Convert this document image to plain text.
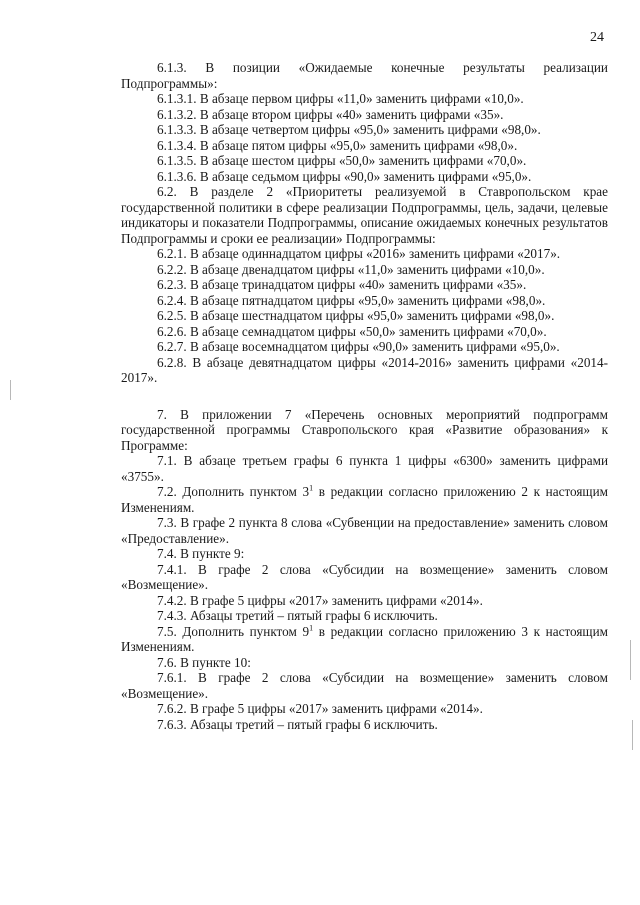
24

6.1.3. В позиции «Ожидаемые конечные результаты реализации Подпрограммы»:

6.1.3.1. В абзаце первом цифры «11,0» заменить цифрами «10,0».

6.1.3.2. В абзаце втором цифры «40» заменить цифрами «35».

6.1.3.3. В абзаце четвертом цифры «95,0» заменить цифрами «98,0».

6.1.3.4. В абзаце пятом цифры «95,0» заменить цифрами «98,0».

6.1.3.5. В абзаце шестом цифры «50,0» заменить цифрами «70,0».

6.1.3.6. В абзаце седьмом цифры «90,0» заменить цифрами «95,0».

6.2. В разделе 2 «Приоритеты реализуемой в Ставропольском крае государственной политики в сфере реализации Подпрограммы, цель, задачи, целевые индикаторы и показатели Подпрограммы, описание ожидаемых конечных результатов Подпрограммы и сроки ее реализации» Подпрограммы:

6.2.1. В абзаце одиннадцатом цифры «2016» заменить цифрами «2017».

6.2.2. В абзаце двенадцатом цифры «11,0» заменить цифрами «10,0».

6.2.3. В абзаце тринадцатом цифры «40» заменить цифрами «35».

6.2.4. В абзаце пятнадцатом цифры «95,0» заменить цифрами «98,0».

6.2.5. В абзаце шестнадцатом цифры «95,0» заменить цифрами «98,0».

6.2.6. В абзаце семнадцатом цифры «50,0» заменить цифрами «70,0».

6.2.7. В абзаце восемнадцатом цифры «90,0» заменить цифрами «95,0».

6.2.8. В абзаце девятнадцатом цифры «2014-2016» заменить цифрами «2014-2017».

7. В приложении 7 «Перечень основных мероприятий подпрограмм государственной программы Ставропольского края «Развитие образования» к Программе:

7.1. В абзаце третьем графы 6 пункта 1 цифры «6300» заменить цифрами «3755».

7.2. Дополнить пунктом $3^1$ в редакции согласно приложению 2 к настоящим Изменениям.

7.3. В графе 2 пункта 8 слова «Субвенции на предоставление» заменить словом «Предоставление».

7.4. В пункте 9:

7.4.1. В графе 2 слова «Субсидии на возмещение» заменить словом «Возмещение».

7.4.2. В графе 5 цифры «2017» заменить цифрами «2014».

7.4.3. Абзацы третий – пятый графы 6 исключить.

7.5. Дополнить пунктом $9^1$ в редакции согласно приложению 3 к настоящим Изменениям.

7.6. В пункте 10:

7.6.1. В графе 2 слова «Субсидии на возмещение» заменить словом «Возмещение».

7.6.2. В графе 5 цифры «2017» заменить цифрами «2014».

7.6.3. Абзацы третий – пятый графы 6 исключить.
